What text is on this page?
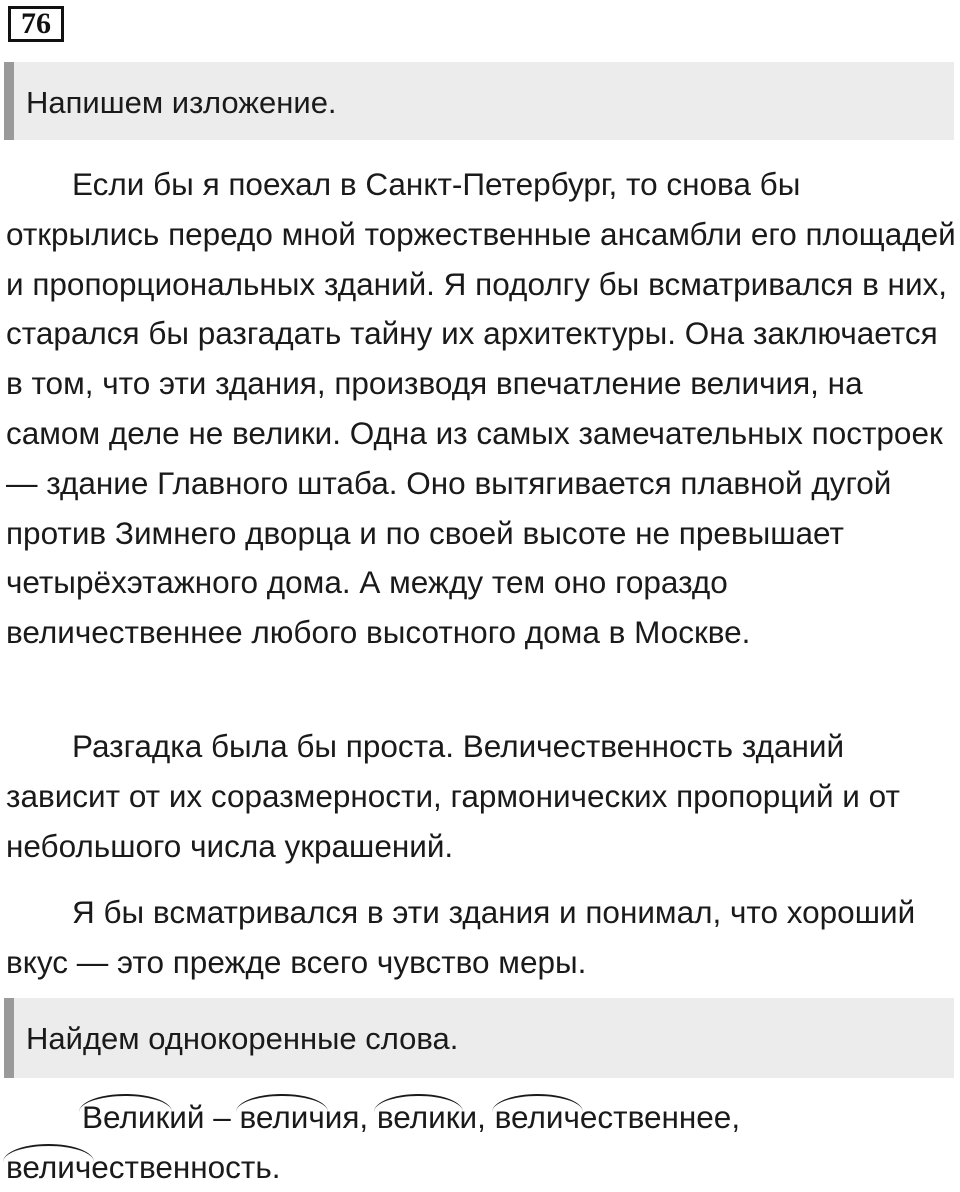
76
Напишем изложение.

Если бы я поехал в Санкт-Петербург, то снова бы открылись передо мной торжественные ансамбли его площадей и пропорциональных зданий. Я подолгу бы всматривался в них, старался бы разгадать тайну их архитектуры. Она заключается в том, что эти здания, производя впечатление величия, на самом деле не велики. Одна из самых замечательных построек — здание Главного штаба. Оно вытягивается плавной дугой против Зимнего дворца и по своей высоте не превышает четырёхэтажного дома. А между тем оно гораздо величественнее любого высотного дома в Москве.

Разгадка была бы проста. Величественность зданий зависит от их соразмерности, гармонических пропорций и от небольшого числа украшений.

Я бы всматривался в эти здания и понимал, что хороший вкус — это прежде всего чувство меры.

Найдем однокоренные слова.
Великий –
величия,
велики,
величественнее,
величественность.
